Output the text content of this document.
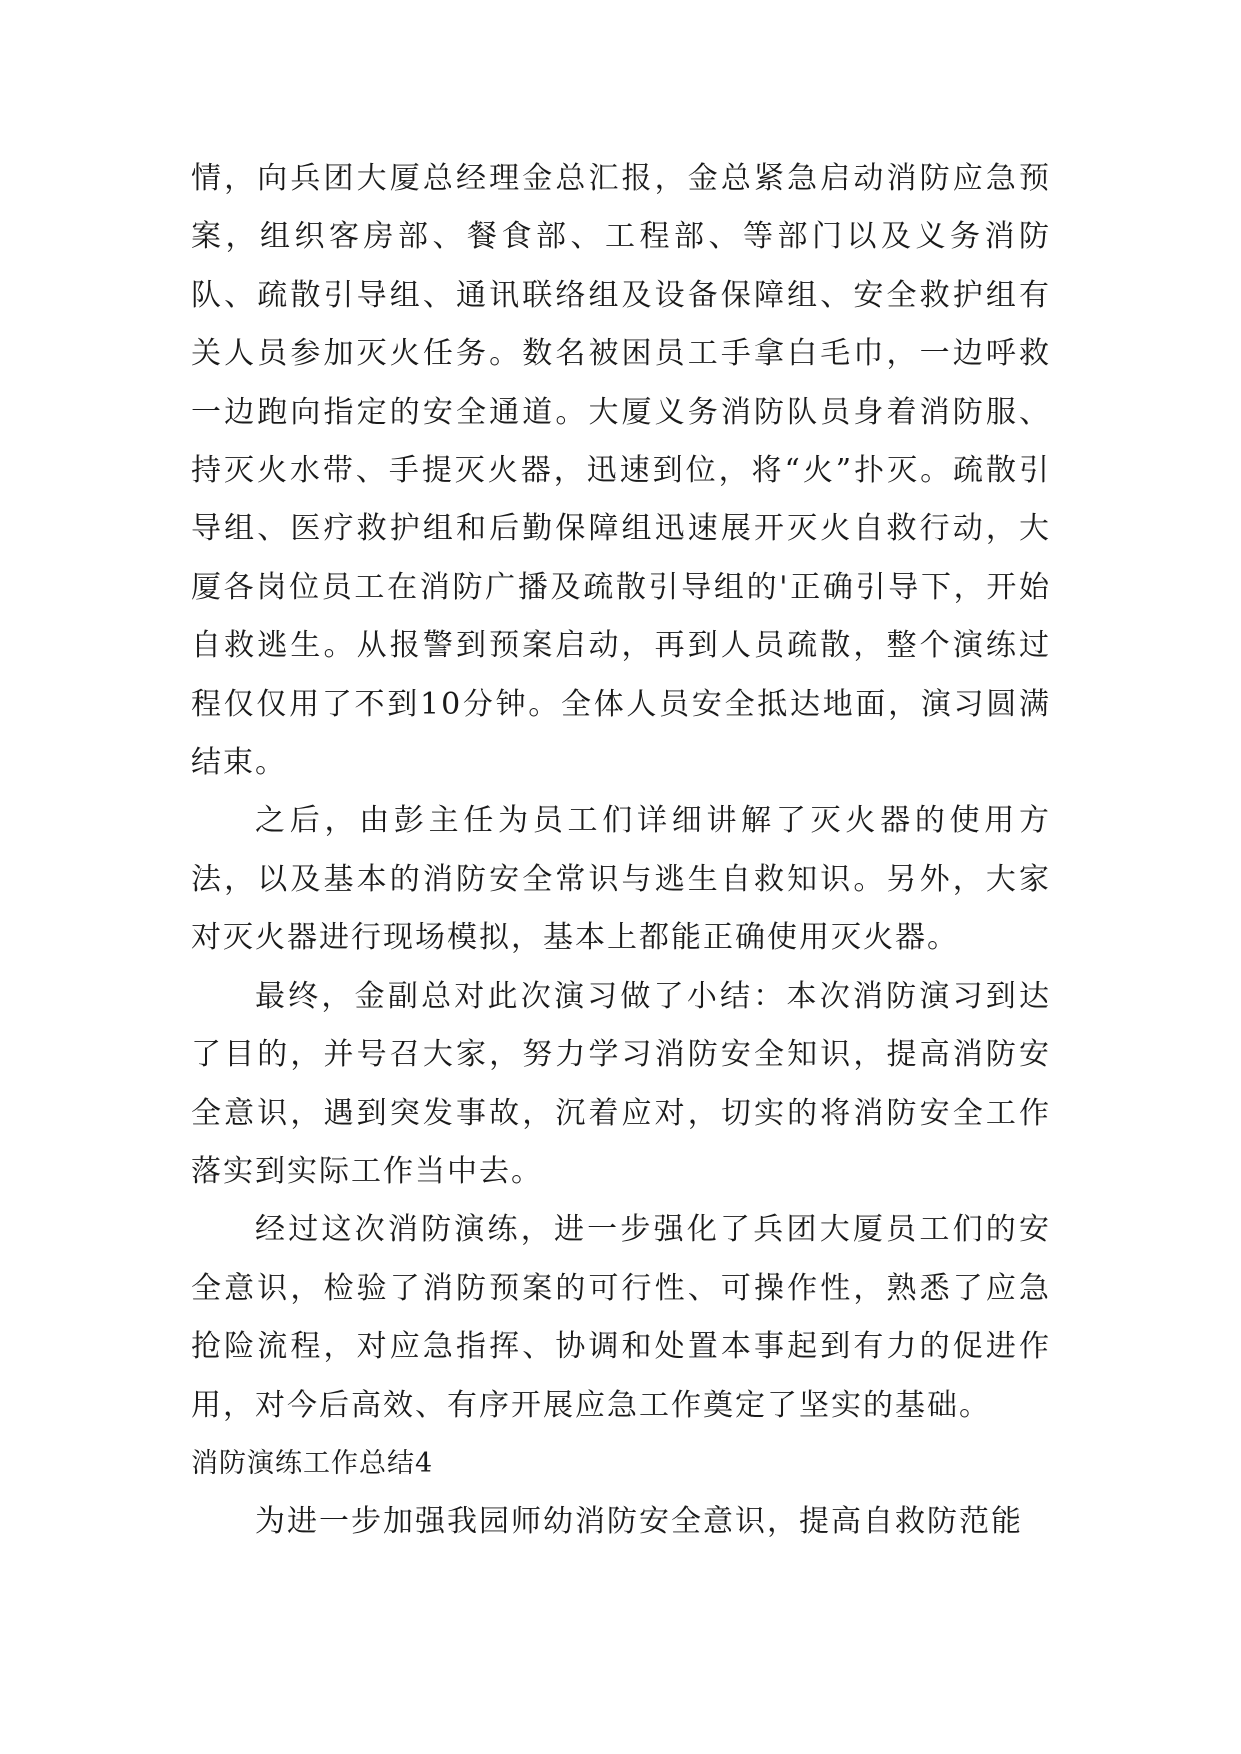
情，向兵团大厦总经理金总汇报，金总紧急启动消防应急预案，组织客房部、餐食部、工程部、等部门以及义务消防队、疏散引导组、通讯联络组及设备保障组、安全救护组有关人员参加灭火任务。数名被困员工手拿白毛巾，一边呼救一边跑向指定的安全通道。大厦义务消防队员身着消防服、持灭火水带、手提灭火器，迅速到位，将“火”扑灭。疏散引导组、医疗救护组和后勤保障组迅速展开灭火自救行动，大厦各岗位员工在消防广播及疏散引导组的'正确引导下，开始自救逃生。从报警到预案启动，再到人员疏散，整个演练过程仅仅用了不到10分钟。全体人员安全抵达地面，演习圆满结束。

之后，由彭主任为员工们详细讲解了灭火器的使用方法，以及基本的消防安全常识与逃生自救知识。另外，大家对灭火器进行现场模拟，基本上都能正确使用灭火器。

最终，金副总对此次演习做了小结：本次消防演习到达了目的，并号召大家，努力学习消防安全知识，提高消防安全意识，遇到突发事故，沉着应对，切实的将消防安全工作落实到实际工作当中去。

经过这次消防演练，进一步强化了兵团大厦员工们的安全意识，检验了消防预案的可行性、可操作性，熟悉了应急抢险流程，对应急指挥、协调和处置本事起到有力的促进作用，对今后高效、有序开展应急工作奠定了坚实的基础。

消防演练工作总结4

为进一步加强我园师幼消防安全意识，提高自救防范能
